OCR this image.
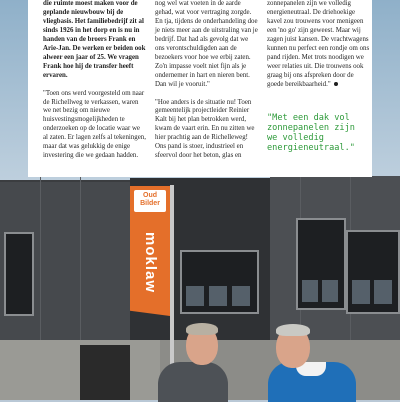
Oud
Bilder
moklaw

die ruimte moest maken voor de geplande nieuwbouw bij de vliegbasis. Het familiebedrijf zit al sinds 1926 in het dorp en is nu in handen van de broers Frank en Arie-Jan. De werken er beiden ook alweer een jaar of 25. We vragen Frank hoe hij de transfer heeft ervaren.

"Toen ons werd voorgesteld om naar de Richellweg te verkassen, waren we net bezig om nieuwe huisvestingsmogelijkheden te onderzoeken op de locatie waar we al zaten. Er lagen zelfs al tekeningen, maar dat was gelukkig de enige investering die we gedaan hadden.

nog wel wat voeten in de aarde gehad, wat voor vertraging zorgde. En tja, tijdens de onderhandeling doe je niets meer aan de uitstraling van je bedrijf. Dat had als gevolg dat we ons verontschuldigden aan de bezoekers voor hoe we erbij zaten. Zo'n impasse voelt niet fijn als je ondernemer in hart en nieren bent. Dan wil je vooruit."

"Hoe anders is de situatie nu! Toen gemeentelijk projectleider Reinier Kalt bij het plan betrokken werd, kwam de vaart erin. En nu zitten we hier prachtig aan de Richelleweg! Ons pand is stoer, industrieel en sfeervol door het beton, glas en

zonnepanelen zijn we volledig energieneutraal. De driehoekige kavel zou trouwens voor menigeen een 'no go' zijn geweest. Maar wij zagen juist kansen. De vrachtwagens kunnen nu perfect een rondje om ons pand rijden. Met trots noodigen we weer relaties uit. Die trouwens ook graag bij ons afspreken door de goede bereikbaarheid."

"Met een dak vol zonnepanelen zijn we volledig energieneutraal."
